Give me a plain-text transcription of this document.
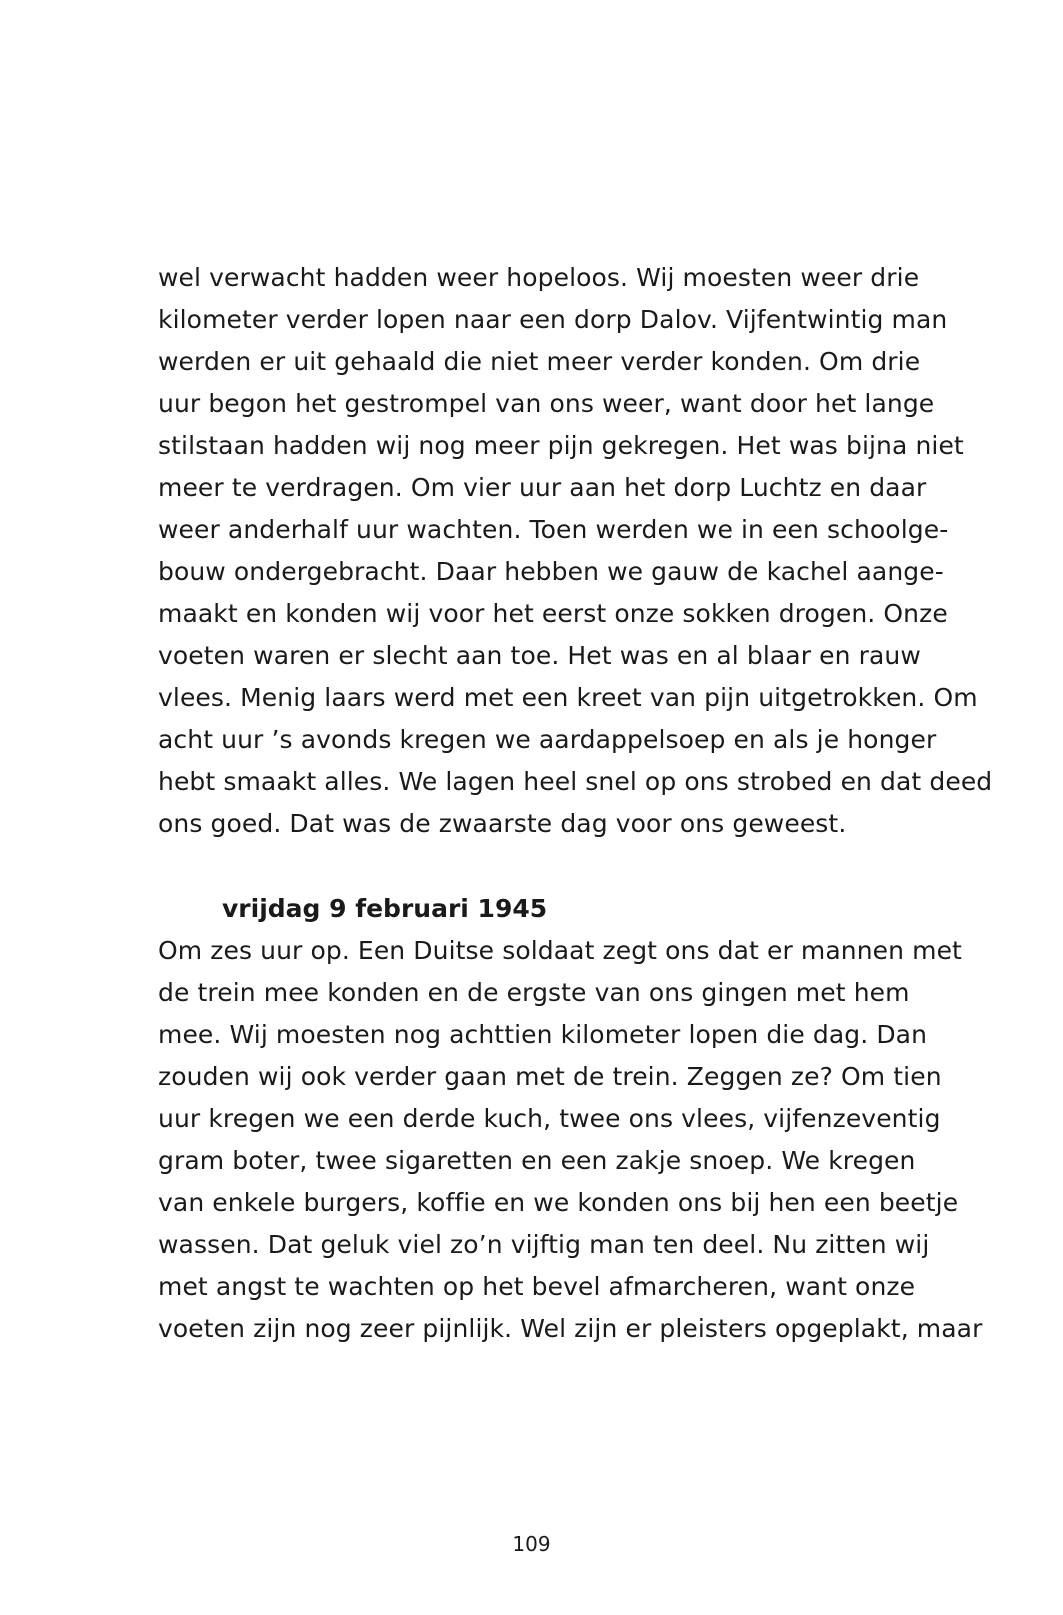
wel verwacht hadden weer hopeloos. Wij moesten weer drie
kilometer verder lopen naar een dorp Dalov. Vijfentwintig man
werden er uit gehaald die niet meer verder konden. Om drie
uur begon het gestrompel van ons weer, want door het lange
stilstaan hadden wij nog meer pijn gekregen. Het was bijna niet
meer te verdragen. Om vier uur aan het dorp Luchtz en daar
weer anderhalf uur wachten. Toen werden we in een schoolge-
bouw ondergebracht. Daar hebben we gauw de kachel aange-
maakt en konden wij voor het eerst onze sokken drogen. Onze
voeten waren er slecht aan toe. Het was en al blaar en rauw
vlees. Menig laars werd met een kreet van pijn uitgetrokken. Om
acht uur ’s avonds kregen we aardappelsoep en als je honger
hebt smaakt alles. We lagen heel snel op ons strobed en dat deed
ons goed. Dat was de zwaarste dag voor ons geweest.
vrijdag 9 februari 1945
Om zes uur op. Een Duitse soldaat zegt ons dat er mannen met
de trein mee konden en de ergste van ons gingen met hem
mee. Wij moesten nog achttien kilometer lopen die dag. Dan
zouden wij ook verder gaan met de trein. Zeggen ze? Om tien
uur kregen we een derde kuch, twee ons vlees, vijfenzeventig
gram boter, twee sigaretten en een zakje snoep. We kregen
van enkele burgers, koffie en we konden ons bij hen een beetje
wassen. Dat geluk viel zo’n vijftig man ten deel. Nu zitten wij
met angst te wachten op het bevel afmarcheren, want onze
voeten zijn nog zeer pijnlijk. Wel zijn er pleisters opgeplakt, maar
109
